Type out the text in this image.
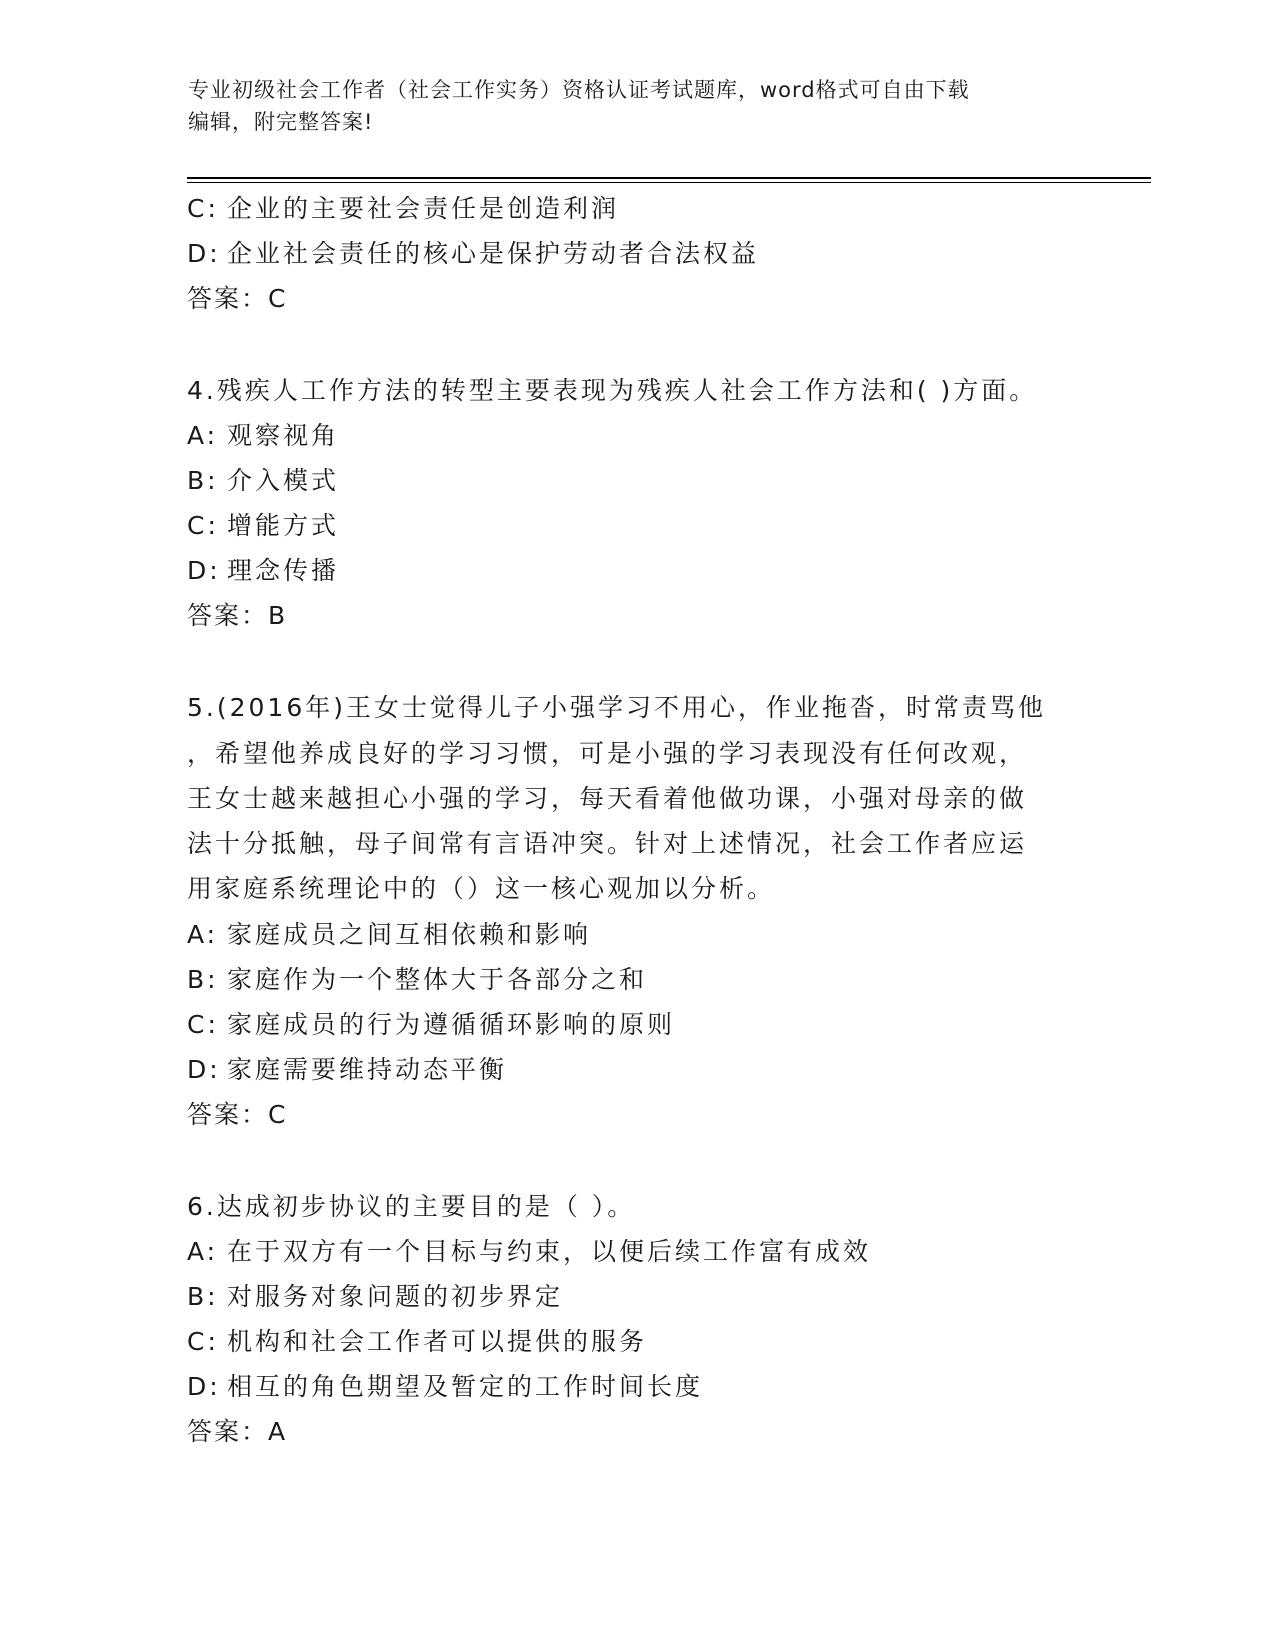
专业初级社会工作者（社会工作实务）资格认证考试题库，word格式可自由下载
编辑，附完整答案!
C: 企业的主要社会责任是创造利润
D: 企业社会责任的核心是保护劳动者合法权益
答案：C
4.残疾人工作方法的转型主要表现为残疾人社会工作方法和( )方面。
A: 观察视角
B: 介入模式
C: 增能方式
D: 理念传播
答案：B
5.(2016年)王女士觉得儿子小强学习不用心，作业拖沓，时常责骂他
，希望他养成良好的学习习惯，可是小强的学习表现没有任何改观，
王女士越来越担心小强的学习，每天看着他做功课，小强对母亲的做
法十分抵触，母子间常有言语冲突。针对上述情况，社会工作者应运
用家庭系统理论中的（）这一核心观加以分析。
A: 家庭成员之间互相依赖和影响
B: 家庭作为一个整体大于各部分之和
C: 家庭成员的行为遵循循环影响的原则
D: 家庭需要维持动态平衡
答案：C
6.达成初步协议的主要目的是（ ）。
A: 在于双方有一个目标与约束，以便后续工作富有成效
B: 对服务对象问题的初步界定
C: 机构和社会工作者可以提供的服务
D: 相互的角色期望及暂定的工作时间长度
答案：A
